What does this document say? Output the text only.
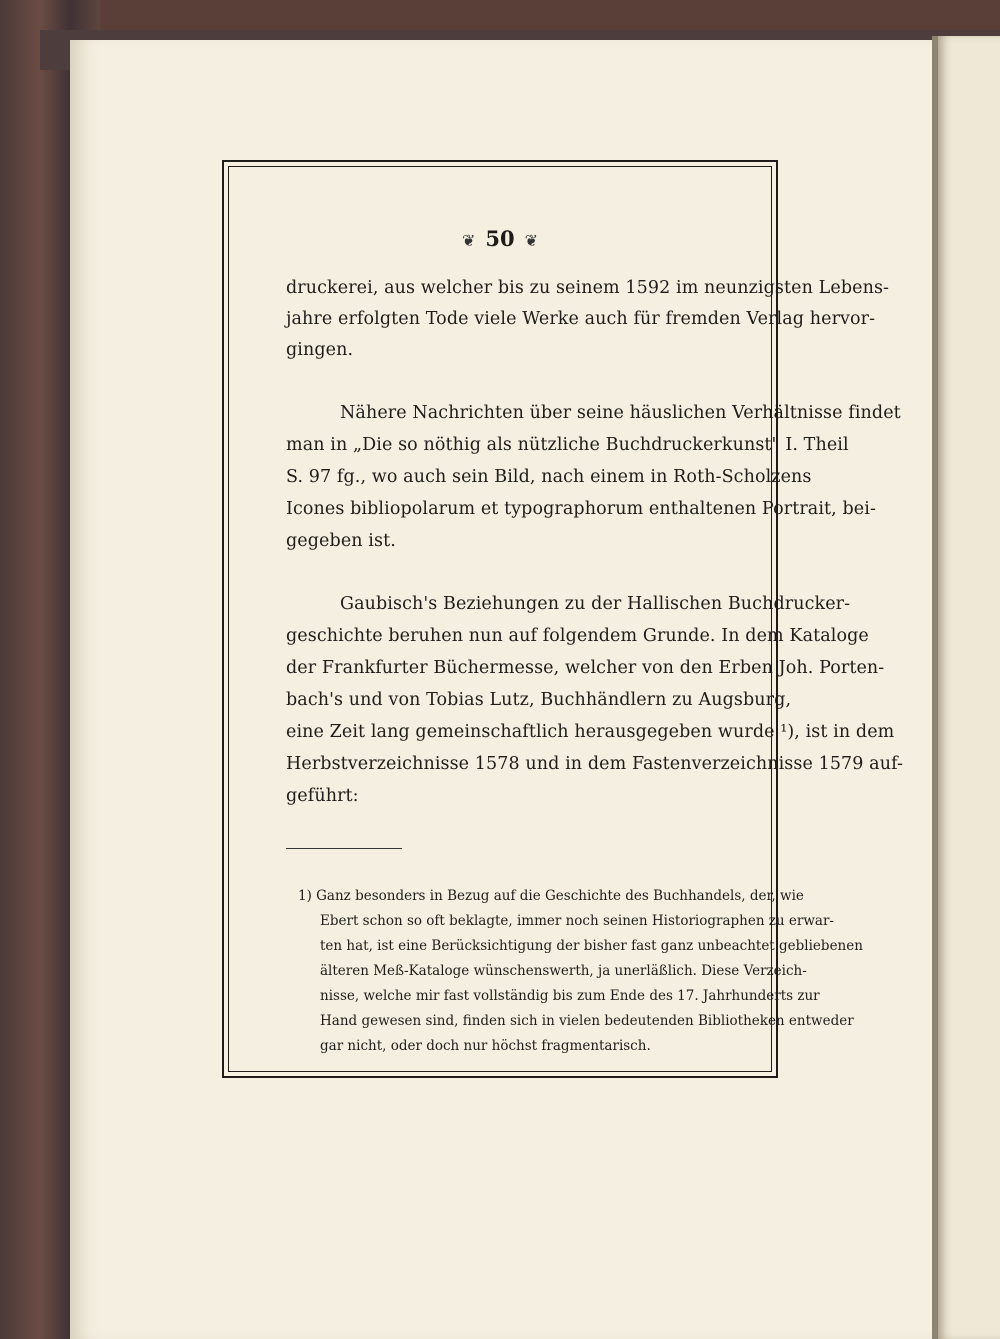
❦ 50 ❦
druckerei, aus welcher bis zu seinem 1592 im neunzigsten Lebens-
jahre erfolgten Tode viele Werke auch für fremden Verlag hervor-
gingen.
Nähere Nachrichten über seine häuslichen Verhältnisse findet
man in „Die so nöthig als nützliche Buchdruckerkunst" I. Theil
S. 97 fg., wo auch sein Bild, nach einem in Roth-Scholzens
Icones bibliopolarum et typographorum enthaltenen Portrait, bei-
gegeben ist.
Gaubisch's Beziehungen zu der Hallischen Buchdrucker-
geschichte beruhen nun auf folgendem Grunde. In dem Kataloge
der Frankfurter Büchermesse, welcher von den Erben Joh. Porten-
bach's und von Tobias Lutz, Buchhändlern zu Augsburg,
eine Zeit lang gemeinschaftlich herausgegeben wurde ¹), ist in dem
Herbstverzeichnisse 1578 und in dem Fastenverzeichnisse 1579 auf-
geführt:
1) Ganz besonders in Bezug auf die Geschichte des Buchhandels, der, wie
Ebert schon so oft beklagte, immer noch seinen Historiographen zu erwar-
ten hat, ist eine Berücksichtigung der bisher fast ganz unbeachtet gebliebenen
älteren Meß-Kataloge wünschenswerth, ja unerläßlich. Diese Verzeich-
nisse, welche mir fast vollständig bis zum Ende des 17. Jahrhunderts zur
Hand gewesen sind, finden sich in vielen bedeutenden Bibliotheken entweder
gar nicht, oder doch nur höchst fragmentarisch.
